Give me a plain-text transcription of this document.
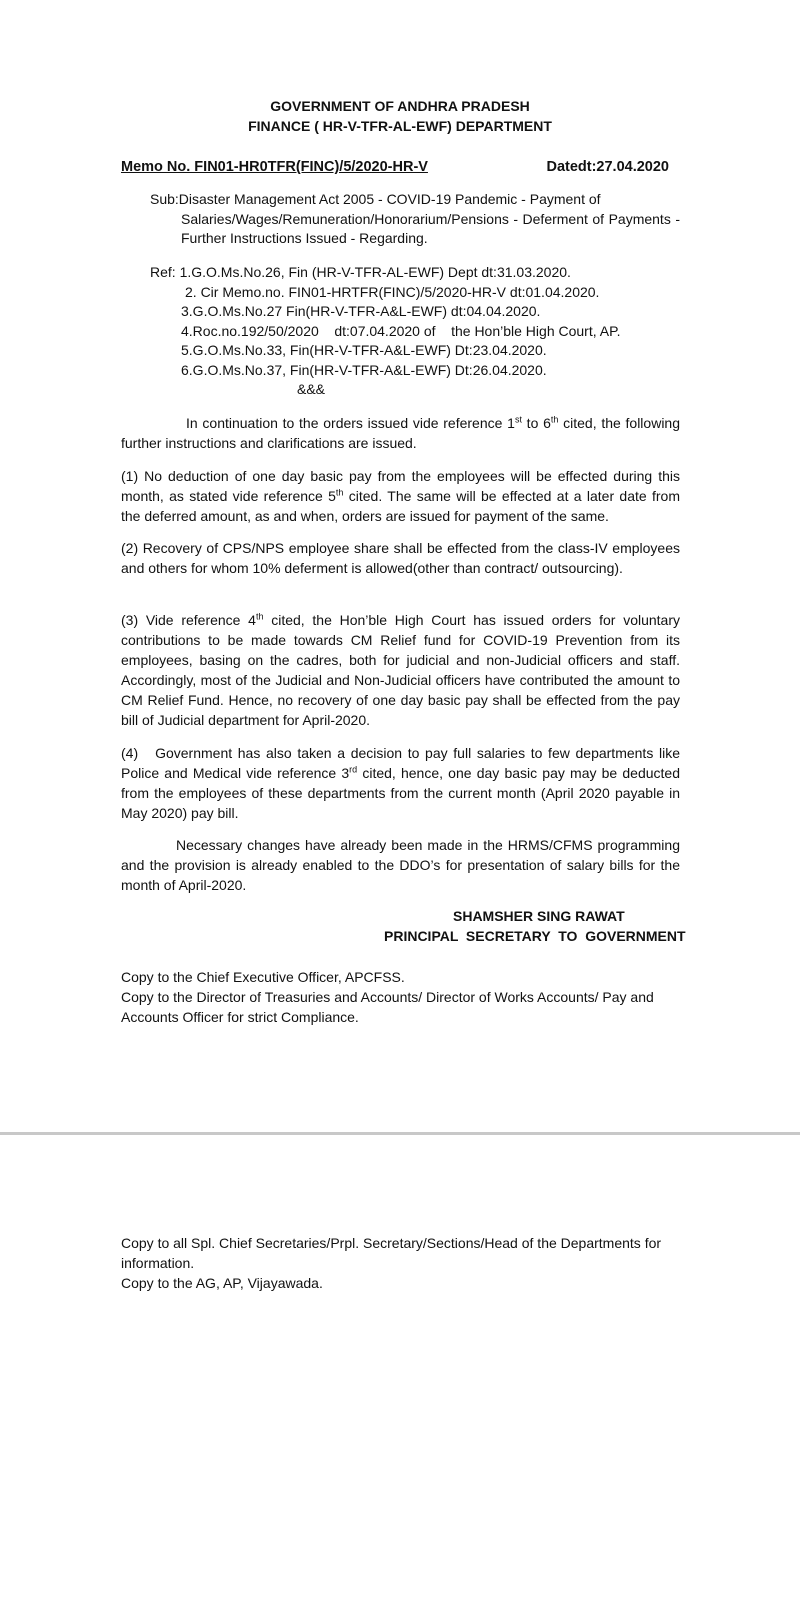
GOVERNMENT OF ANDHRA PRADESH
FINANCE ( HR-V-TFR-AL-EWF) DEPARTMENT
Memo No. FIN01-HR0TFR(FINC)/5/2020-HR-V	Datedt:27.04.2020
Sub:Disaster Management Act 2005 - COVID-19 Pandemic - Payment of
Salaries/Wages/Remuneration/Honorarium/Pensions - Deferment of Payments - Further Instructions Issued - Regarding.
Ref: 1.G.O.Ms.No.26, Fin (HR-V-TFR-AL-EWF) Dept dt:31.03.2020.
2. Cir Memo.no. FIN01-HRTFR(FINC)/5/2020-HR-V dt:01.04.2020.
3.G.O.Ms.No.27 Fin(HR-V-TFR-A&L-EWF) dt:04.04.2020.
4.Roc.no.192/50/2020    dt:07.04.2020 of    the Hon’ble High Court, AP.
5.G.O.Ms.No.33, Fin(HR-V-TFR-A&L-EWF) Dt:23.04.2020.
6.G.O.Ms.No.37, Fin(HR-V-TFR-A&L-EWF) Dt:26.04.2020.
&&&
In continuation to the orders issued vide reference 1st to 6th cited, the following further instructions and clarifications are issued.
(1) No deduction of one day basic pay from the employees will be effected during this month, as stated vide reference 5th cited. The same will be effected at a later date from the deferred amount, as and when, orders are issued for payment of the same.
(2) Recovery of CPS/NPS employee share shall be effected from the class-IV employees and others for whom 10% deferment is allowed(other than contract/ outsourcing).
(3) Vide reference 4th cited, the Hon’ble High Court has issued orders for voluntary contributions to be made towards CM Relief fund for COVID-19 Prevention from its employees, basing on the cadres, both for judicial and non-Judicial officers and staff. Accordingly, most of the Judicial and Non-Judicial officers have contributed the amount to CM Relief Fund. Hence, no recovery of one day basic pay shall be effected from the pay bill of Judicial department for April-2020.
(4)   Government has also taken a decision to pay full salaries to few departments like Police and Medical vide reference 3rd cited, hence, one day basic pay may be deducted from the employees of these departments from the current month (April 2020 payable in May 2020) pay bill.
Necessary changes have already been made in the HRMS/CFMS programming and the provision is already enabled to the DDO’s for presentation of salary bills for the month of April-2020.
SHAMSHER SING RAWAT
PRINCIPAL  SECRETARY  TO  GOVERNMENT
Copy to the Chief Executive Officer, APCFSS.
Copy to the Director of Treasuries and Accounts/ Director of Works Accounts/ Pay and Accounts Officer for strict Compliance.
Copy to all Spl. Chief Secretaries/Prpl. Secretary/Sections/Head of the Departments for information.
Copy to the AG, AP, Vijayawada.
